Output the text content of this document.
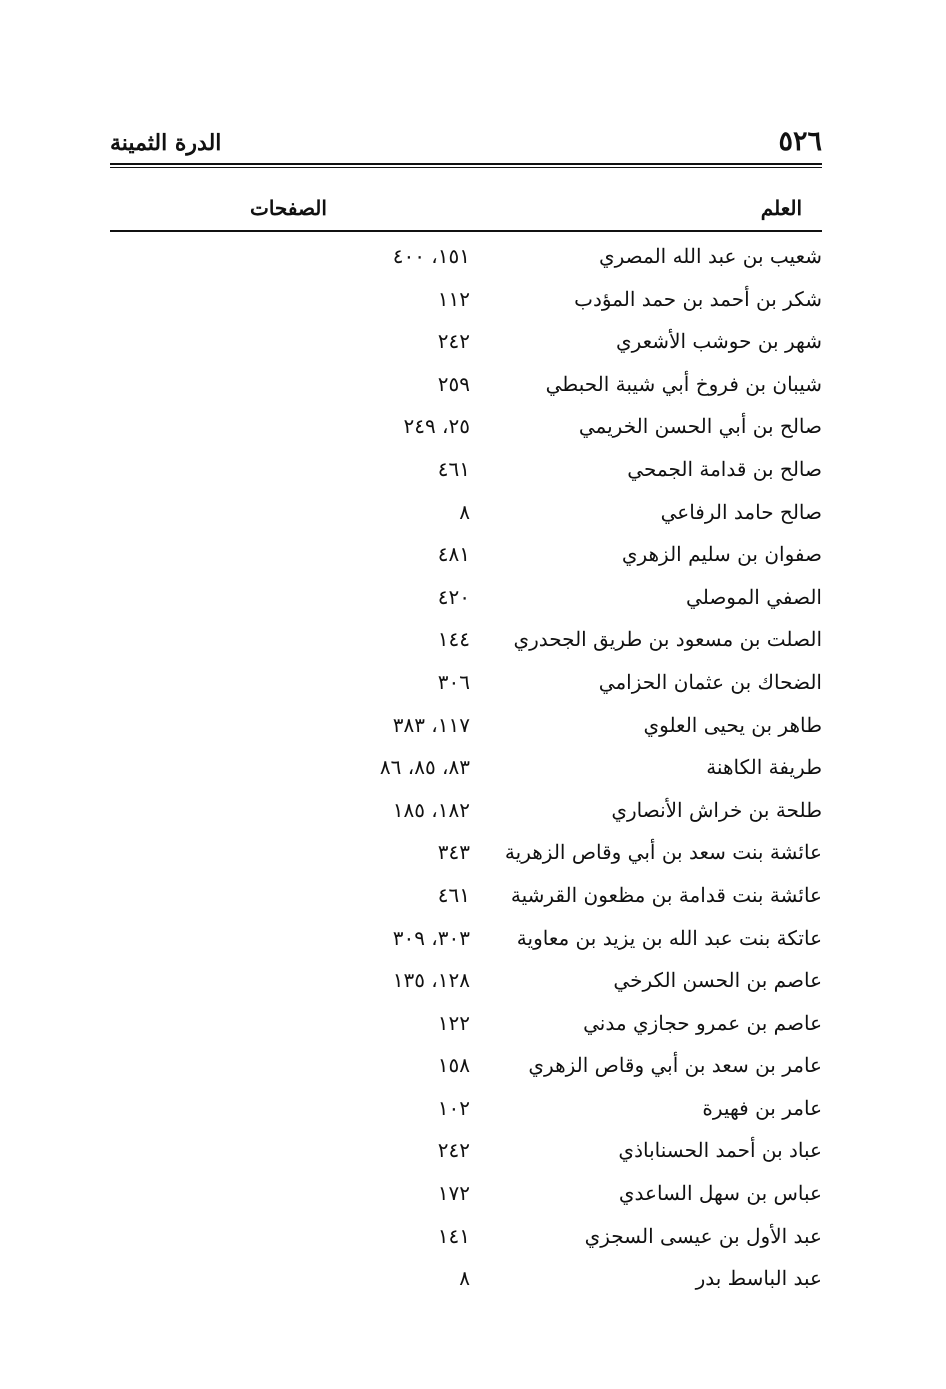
٥٢٦
الدرة الثمينة
العلم
الصفحات
شعيب بن عبد الله المصري
١٥١، ٤٠٠
شكر بن أحمد بن حمد المؤدب
١١٢
شهر بن حوشب الأشعري
٢٤٢
شيبان بن فروخ أبي شيبة الحبطي
٢٥٩
صالح بن أبي الحسن الخريمي
٢٥، ٢٤٩
صالح بن قدامة الجمحي
٤٦١
صالح حامد الرفاعي
٨
صفوان بن سليم الزهري
٤٨١
الصفي الموصلي
٤٢٠
الصلت بن مسعود بن طريق الجحدري
١٤٤
الضحاك بن عثمان الحزامي
٣٠٦
طاهر بن يحيى العلوي
١١٧، ٣٨٣
طريفة الكاهنة
٨٣، ٨٥، ٨٦
طلحة بن خراش الأنصاري
١٨٢، ١٨٥
عائشة بنت سعد بن أبي وقاص الزهرية
٣٤٣
عائشة بنت قدامة بن مظعون القرشية
٤٦١
عاتكة بنت عبد الله بن يزيد بن معاوية
٣٠٣، ٣٠٩
عاصم بن الحسن الكرخي
١٢٨، ١٣٥
عاصم بن عمرو حجازي مدني
١٢٢
عامر بن سعد بن أبي وقاص الزهري
١٥٨
عامر بن فهيرة
١٠٢
عباد بن أحمد الحسناباذي
٢٤٢
عباس بن سهل الساعدي
١٧٢
عبد الأول بن عيسى السجزي
١٤١
عبد الباسط بدر
٨
